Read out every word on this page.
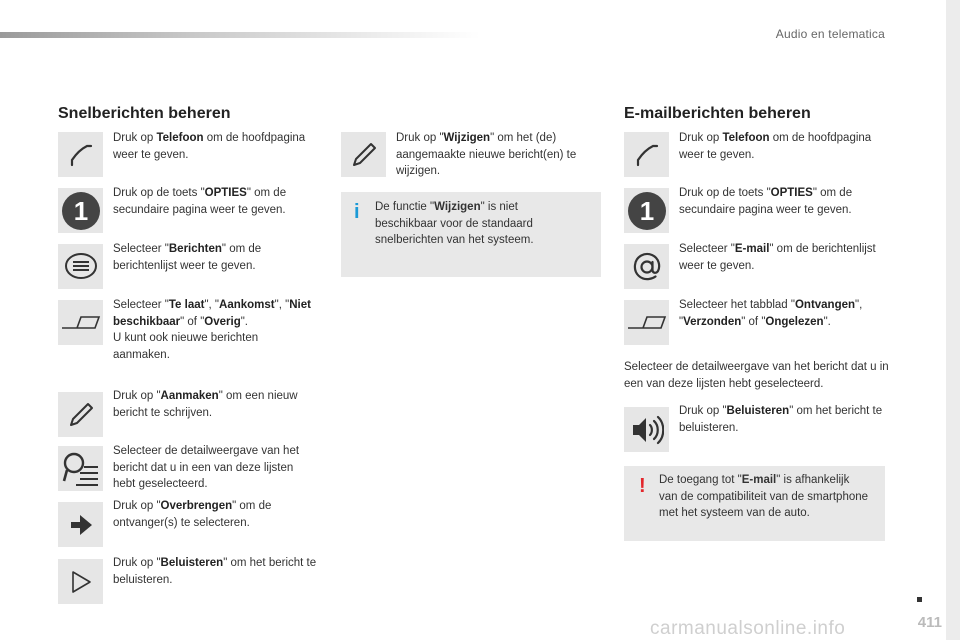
Audio en telematica
Snelberichten beheren
Druk op Telefoon om de hoofdpagina weer te geven.
1
Druk op de toets "OPTIES" om de secundaire pagina weer te geven.
Selecteer "Berichten" om de berichtenlijst weer te geven.
Selecteer "Te laat", "Aankomst", "Niet beschikbaar" of "Overig".
U kunt ook nieuwe berichten aanmaken.
Druk op "Aanmaken" om een nieuw bericht te schrijven.
Selecteer de detailweergave van het bericht dat u in een van deze lijsten hebt geselecteerd.
Druk op "Overbrengen" om de ontvanger(s) te selecteren.
Druk op "Beluisteren" om het bericht te beluisteren.
Druk op "Wijzigen" om het (de) aangemaakte nieuwe bericht(en) te wijzigen.
i De functie "Wijzigen" is niet beschikbaar voor de standaard snelberichten van het systeem.
E-mailberichten beheren
Druk op Telefoon om de hoofdpagina weer te geven.
1
Druk op de toets "OPTIES" om de secundaire pagina weer te geven.
Selecteer "E-mail" om de berichtenlijst weer te geven.
Selecteer het tabblad "Ontvangen", "Verzonden" of "Ongelezen".
Selecteer de detailweergave van het bericht dat u in een van deze lijsten hebt geselecteerd.
Druk op "Beluisteren" om het bericht te beluisteren.
! De toegang tot "E-mail" is afhankelijk van de compatibiliteit van de smartphone met het systeem van de auto.
411
carmanualsonline.info
